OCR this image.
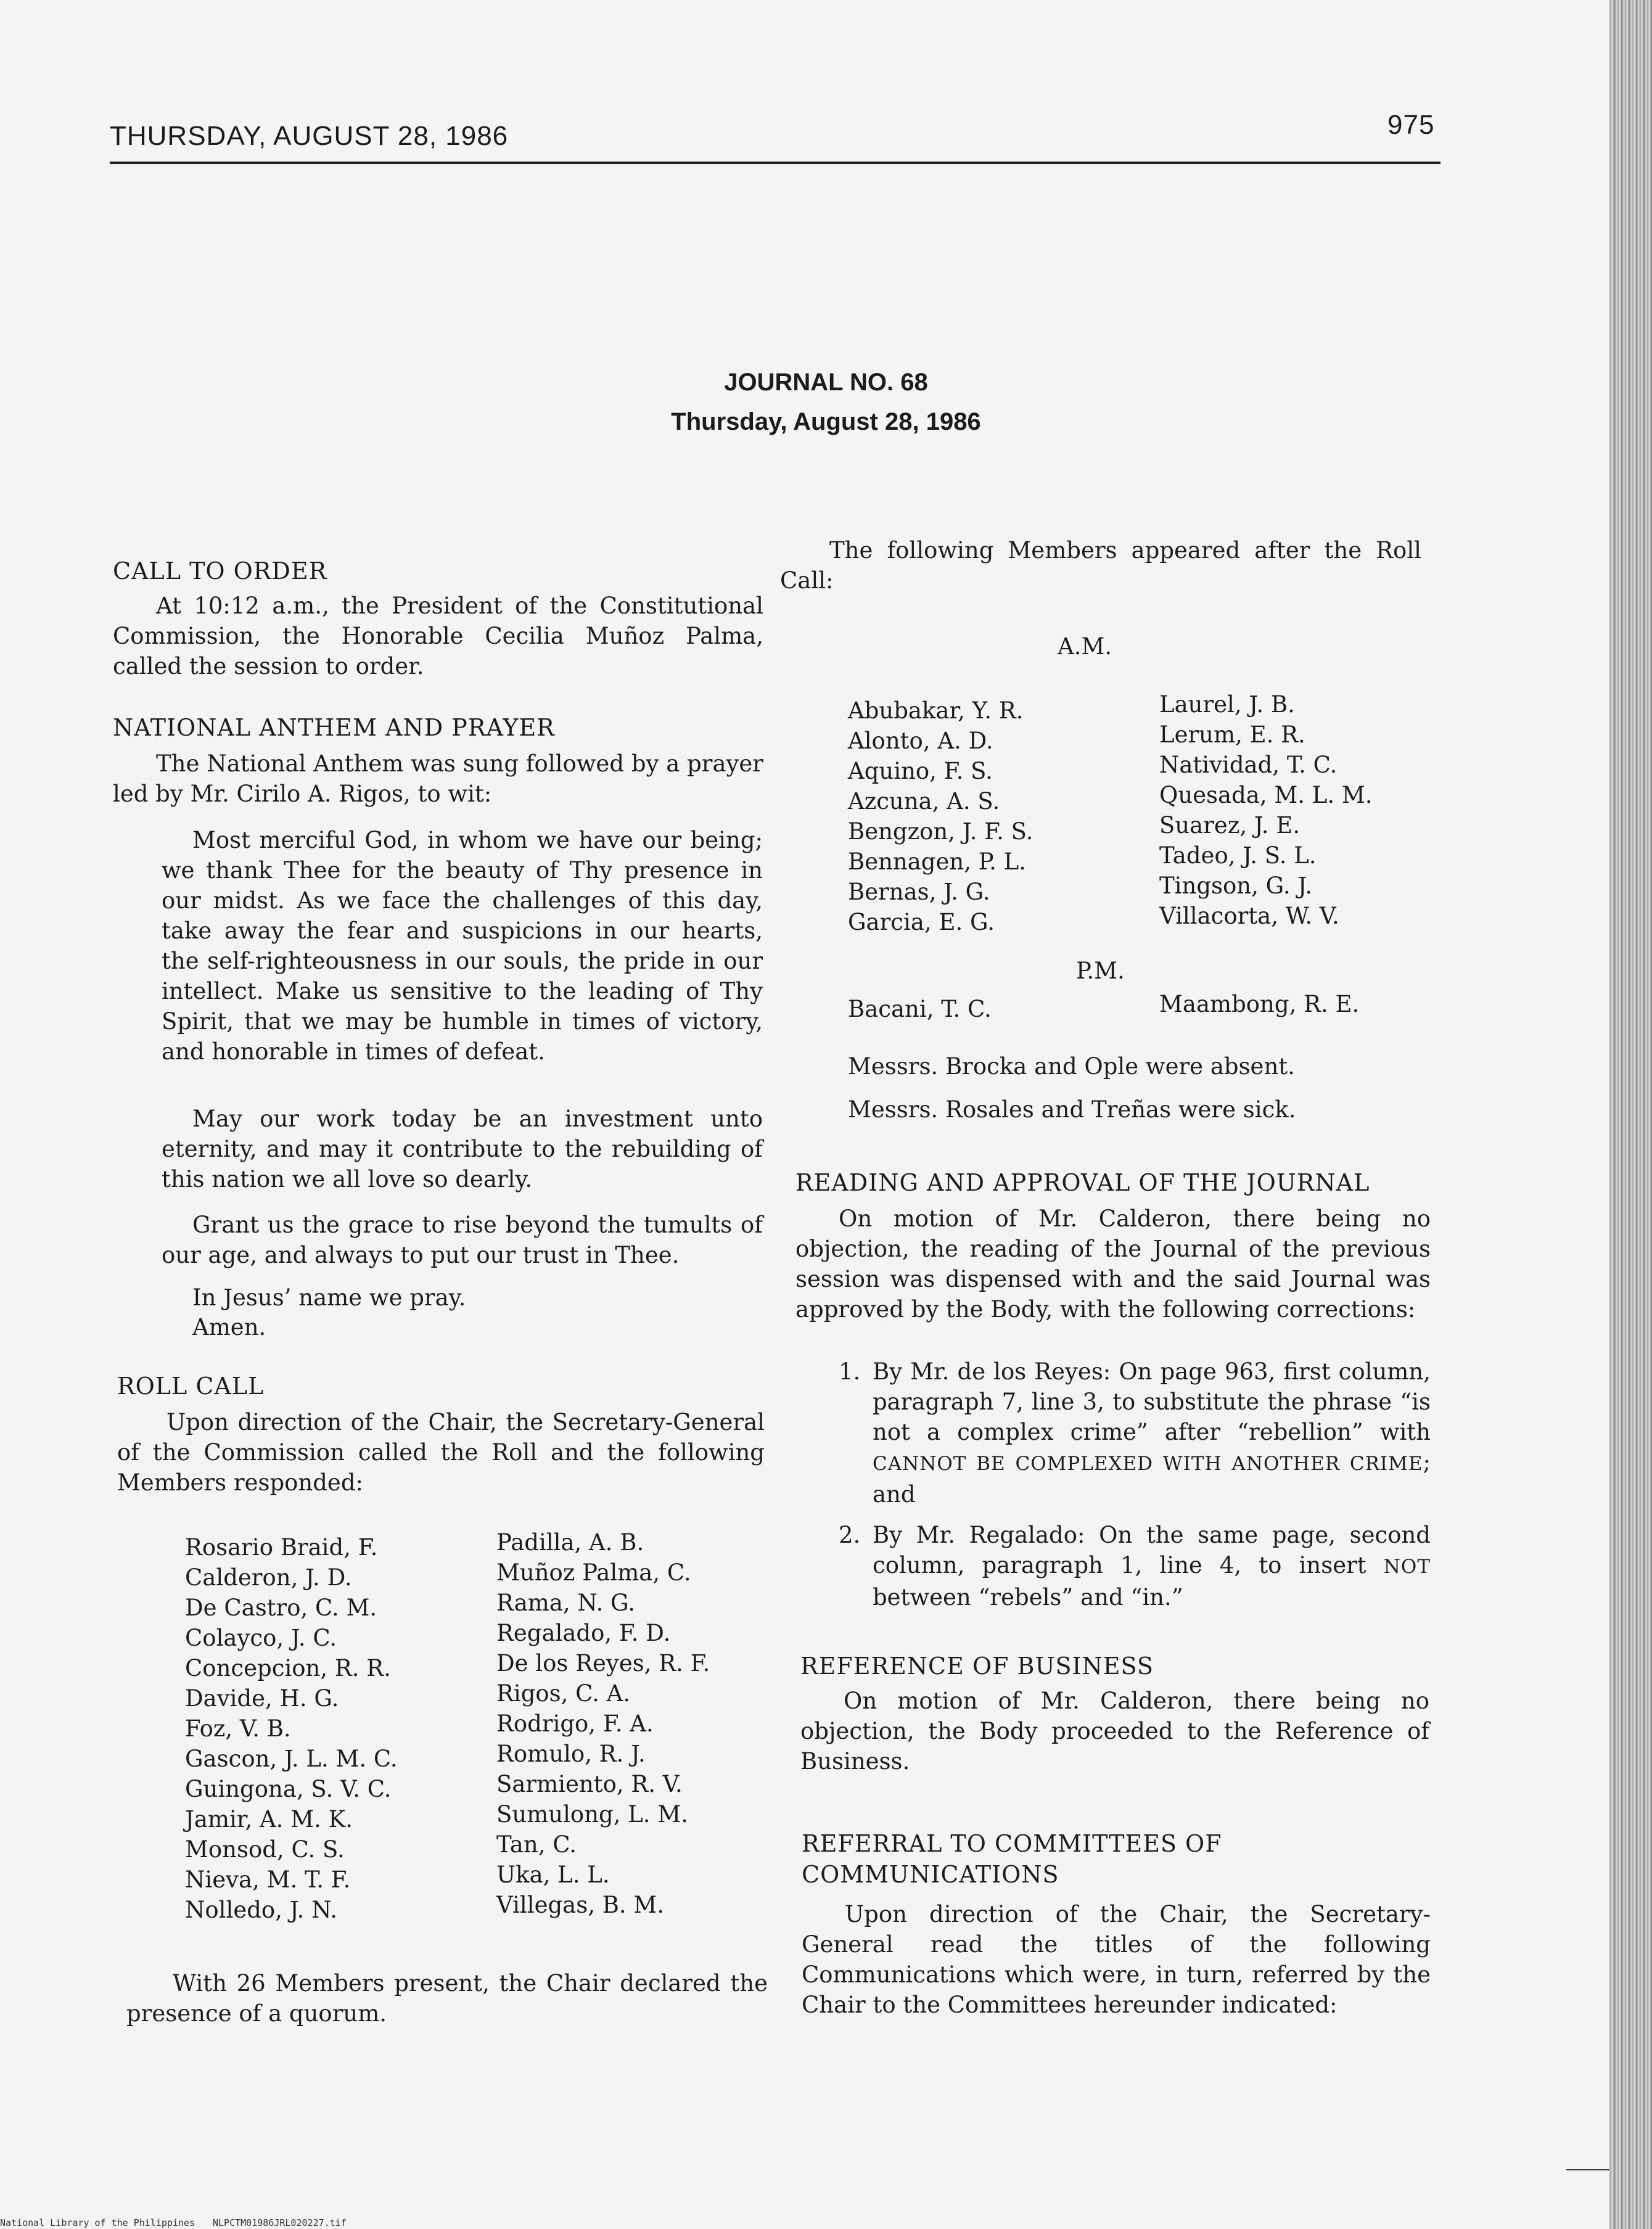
THURSDAY, AUGUST 28, 1986	975
JOURNAL NO. 68
Thursday, August 28, 1986
CALL TO ORDER
At 10:12 a.m., the President of the Constitutional Commission, the Honorable Cecilia Muñoz Palma, called the session to order.
NATIONAL ANTHEM AND PRAYER
The National Anthem was sung followed by a prayer led by Mr. Cirilo A. Rigos, to wit:
Most merciful God, in whom we have our being; we thank Thee for the beauty of Thy presence in our midst. As we face the challenges of this day, take away the fear and suspicions in our hearts, the self-righteousness in our souls, the pride in our intellect. Make us sensitive to the leading of Thy Spirit, that we may be humble in times of victory, and honorable in times of defeat.
May our work today be an investment unto eternity, and may it contribute to the rebuilding of this nation we all love so dearly.
Grant us the grace to rise beyond the tumults of our age, and always to put our trust in Thee.
In Jesus’ name we pray.
Amen.
ROLL CALL
Upon direction of the Chair, the Secretary-General of the Commission called the Roll and the following Members responded:
Rosario Braid, F.
Calderon, J. D.
De Castro, C. M.
Colayco, J. C.
Concepcion, R. R.
Davide, H. G.
Foz, V. B.
Gascon, J. L. M. C.
Guingona, S. V. C.
Jamir, A. M. K.
Monsod, C. S.
Nieva, M. T. F.
Nolledo, J. N.
Padilla, A. B.
Muñoz Palma, C.
Rama, N. G.
Regalado, F. D.
De los Reyes, R. F.
Rigos, C. A.
Rodrigo, F. A.
Romulo, R. J.
Sarmiento, R. V.
Sumulong, L. M.
Tan, C.
Uka, L. L.
Villegas, B. M.
With 26 Members present, the Chair declared the presence of a quorum.
The following Members appeared after the Roll Call:
A.M.
Abubakar, Y. R.
Alonto, A. D.
Aquino, F. S.
Azcuna, A. S.
Bengzon, J. F. S.
Bennagen, P. L.
Bernas, J. G.
Garcia, E. G.
Laurel, J. B.
Lerum, E. R.
Natividad, T. C.
Quesada, M. L. M.
Suarez, J. E.
Tadeo, J. S. L.
Tingson, G. J.
Villacorta, W. V.
P.M.
Bacani, T. C.	Maambong, R. E.
Messrs. Brocka and Ople were absent.
Messrs. Rosales and Treñas were sick.
READING AND APPROVAL OF THE JOURNAL
On motion of Mr. Calderon, there being no objection, the reading of the Journal of the previous session was dispensed with and the said Journal was approved by the Body, with the following corrections:
1. By Mr. de los Reyes: On page 963, first column, paragraph 7, line 3, to substitute the phrase “is not a complex crime” after “rebellion” with CANNOT BE COMPLEXED WITH ANOTHER CRIME; and
2. By Mr. Regalado: On the same page, second column, paragraph 1, line 4, to insert NOT between “rebels” and “in.”
REFERENCE OF BUSINESS
On motion of Mr. Calderon, there being no objection, the Body proceeded to the Reference of Business.
REFERRAL TO COMMITTEES OF
COMMUNICATIONS
Upon direction of the Chair, the Secretary-General read the titles of the following Communications which were, in turn, referred by the Chair to the Committees hereunder indicated:
National Library of the Philippines NLPCTM01986JRL020227.tif
